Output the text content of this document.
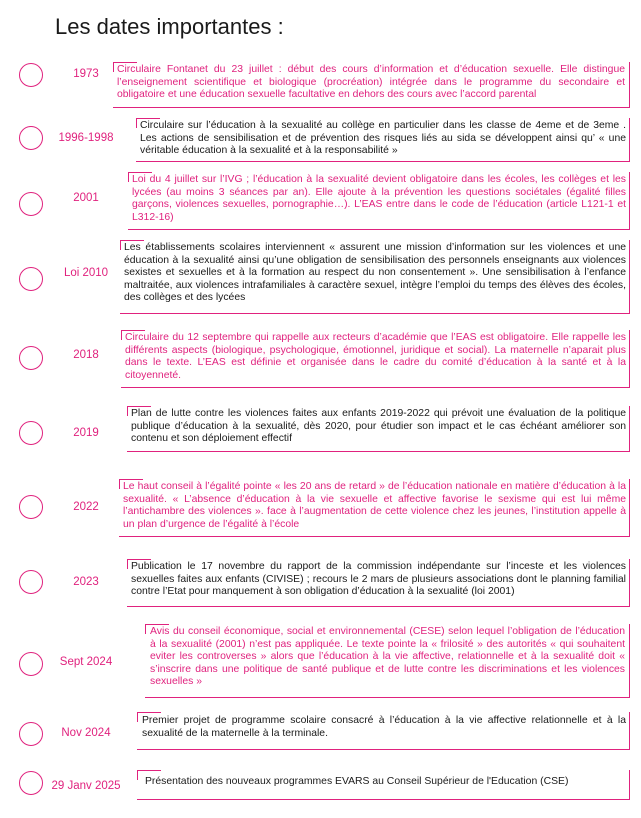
Les dates importantes :
1973	Circulaire Fontanet du 23 juillet : début des cours d’information et d’éducation sexuelle. Elle distingue l’enseignement scientifique et biologique (procréation) intégrée dans le programme du secondaire et obligatoire et une éducation sexuelle facultative en dehors des cours avec l’accord parental
1996-1998
Circulaire sur l’éducation à la sexualité au collège en particulier dans les classe de 4eme et de 3eme . Les actions de sensibilisation et de prévention des risques liés au sida se développent ainsi qu’ « une véritable éducation à la sexualité et à la responsabilité »
2001
Loi du 4 juillet sur l’IVG ; l’éducation à la sexualité devient obligatoire dans les écoles, les collèges et les lycées (au moins 3 séances par an). Elle ajoute à la prévention les questions sociétales (égalité filles garçons, violences sexuelles, pornographie…). L’EAS entre dans le code de l’éducation (article L121-1 et L312-16)
Loi 2010
Les établissements scolaires interviennent « assurent une mission d’information sur les violences et une éducation à la sexualité ainsi qu’une obligation de sensibilisation des personnels enseignants aux violences sexistes et sexuelles et à la formation au respect du non consentement ». Une sensibilisation à l’enfance maltraitée, aux violences intrafamiliales à caractère sexuel, intègre l’emploi du temps des élèves des écoles, des collèges et des lycées
2018
Circulaire du 12 septembre qui rappelle aux recteurs d’académie que l’EAS est obligatoire. Elle rappelle les différents aspects (biologique, psychologique, émotionnel, juridique et social). La maternelle n’aparait plus dans le texte. L’EAS est définie et organisée dans le cadre du comité d’éducation à la santé et à la citoyenneté.
2019
Plan de lutte contre les violences faites aux enfants 2019-2022 qui prévoit une évaluation de la politique publique d’éducation à la sexualité, dès 2020, pour étudier son impact et le cas échéant améliorer son contenu et son déploiement effectif
2022
Le haut conseil à l’égalité pointe « les 20 ans de retard » de l’éducation nationale en matière d’éducation à la sexualité. « L’absence d’éducation à la vie sexuelle et affective favorise le sexisme qui est lui même l’antichambre des violences ». face à l’augmentation de cette violence chez les jeunes, l’institution appelle à un plan d’urgence de l’égalité à l’école
2023
Publication le 17 novembre du rapport de la commission indépendante sur l’inceste et les violences sexuelles faites aux enfants (CIVISE) ; recours le 2 mars de plusieurs associations dont le planning familial contre l’Etat pour manquement à son obligation d’éducation à la sexualité (loi 2001)
Sept 2024
Avis du conseil économique, social et environnemental (CESE) selon lequel l’obligation de l’éducation à la sexualité (2001) n’est pas appliquée. Le texte pointe la « frilosité » des autorités « qui souhaitent eviter les controverses » alors que l’éducation à la vie affective, relationnelle et à la sexualité doit « s’inscrire dans une politique de santé publique et de lutte contre les discriminations et les violences sexuelles »
Nov 2024
Premier projet de programme scolaire consacré à l’éducation à la vie affective relationnelle et à la sexualité de la maternelle à la terminale.
29 Janv 2025	Présentation des nouveaux programmes EVARS au Conseil Supérieur de l'Education (CSE)
